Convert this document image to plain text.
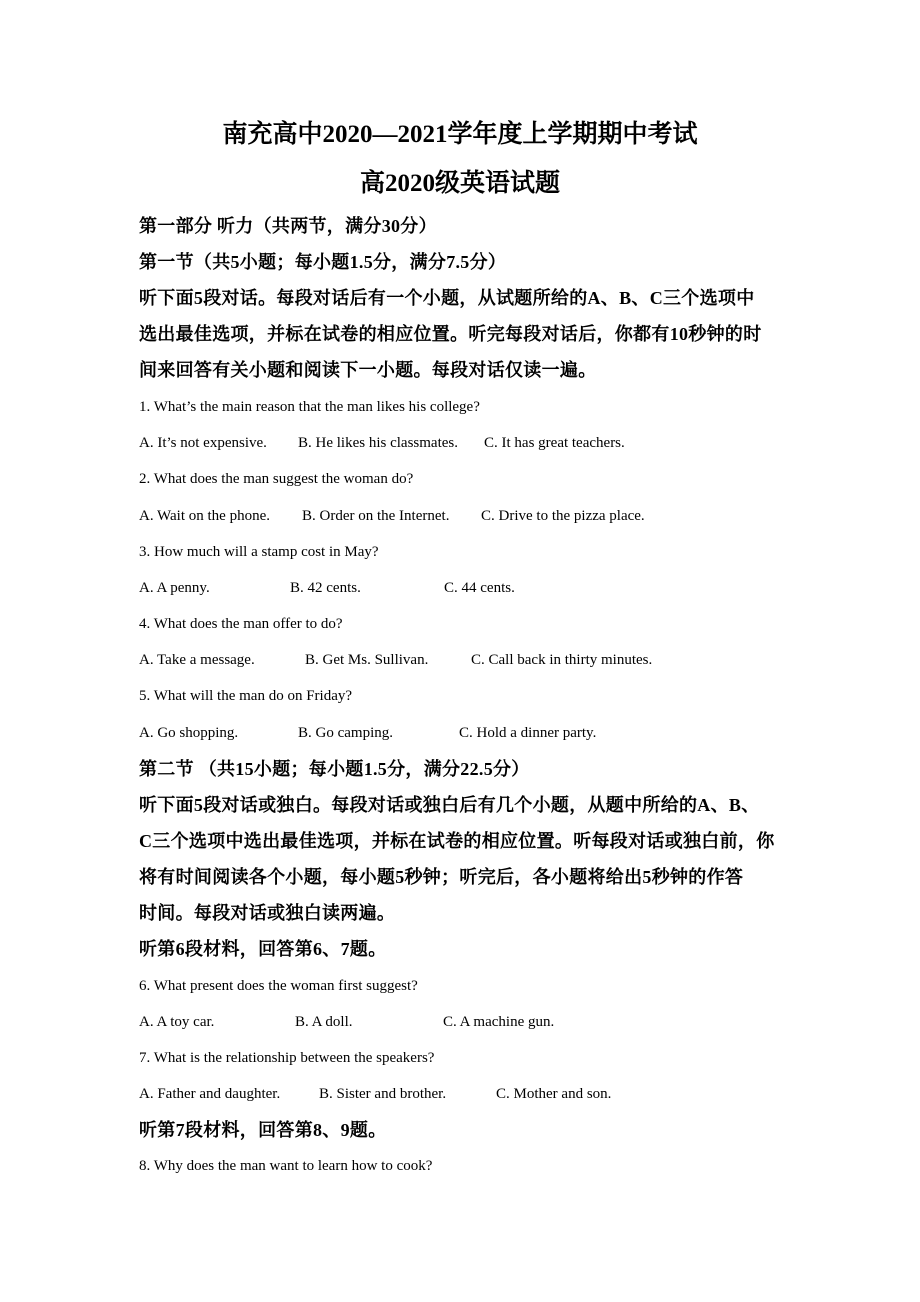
南充高中2020—2021学年度上学期期中考试
高2020级英语试题
第一部分 听力（共两节，满分30分）
第一节（共5小题；每小题1.5分，满分7.5分）
听下面5段对话。每段对话后有一个小题，从试题所给的A、B、C三个选项中
选出最佳选项，并标在试卷的相应位置。听完每段对话后，你都有10秒钟的时
间来回答有关小题和阅读下一小题。每段对话仅读一遍。
1. What’s the main reason that the man likes his college?
A. It’s not expensive. B. He likes his classmates. C. It has great teachers.
2. What does the man suggest the woman do?
A. Wait on the phone. B. Order on the Internet. C. Drive to the pizza place.
3. How much will a stamp cost in May?
A. A penny.	B. 42 cents.	C. 44 cents.
4. What does the man offer to do?
A. Take a message.	B. Get Ms. Sullivan.	C. Call back in thirty minutes.
5. What will the man do on Friday?
A. Go shopping.	B. Go camping.	C. Hold a dinner party.
第二节 （共15小题；每小题1.5分，满分22.5分）
听下面5段对话或独白。每段对话或独白后有几个小题，从题中所给的A、B、
C三个选项中选出最佳选项，并标在试卷的相应位置。听每段对话或独白前，你
将有时间阅读各个小题，每小题5秒钟；听完后，各小题将给出5秒钟的作答
时间。每段对话或独白读两遍。
听第6段材料，回答第6、7题。
6. What present does the woman first suggest?
A. A toy car.	B. A doll.	C. A machine gun.
7. What is the relationship between the speakers?
A. Father and daughter.	B. Sister and brother.	C. Mother and son.
听第7段材料，回答第8、9题。
8. Why does the man want to learn how to cook?
